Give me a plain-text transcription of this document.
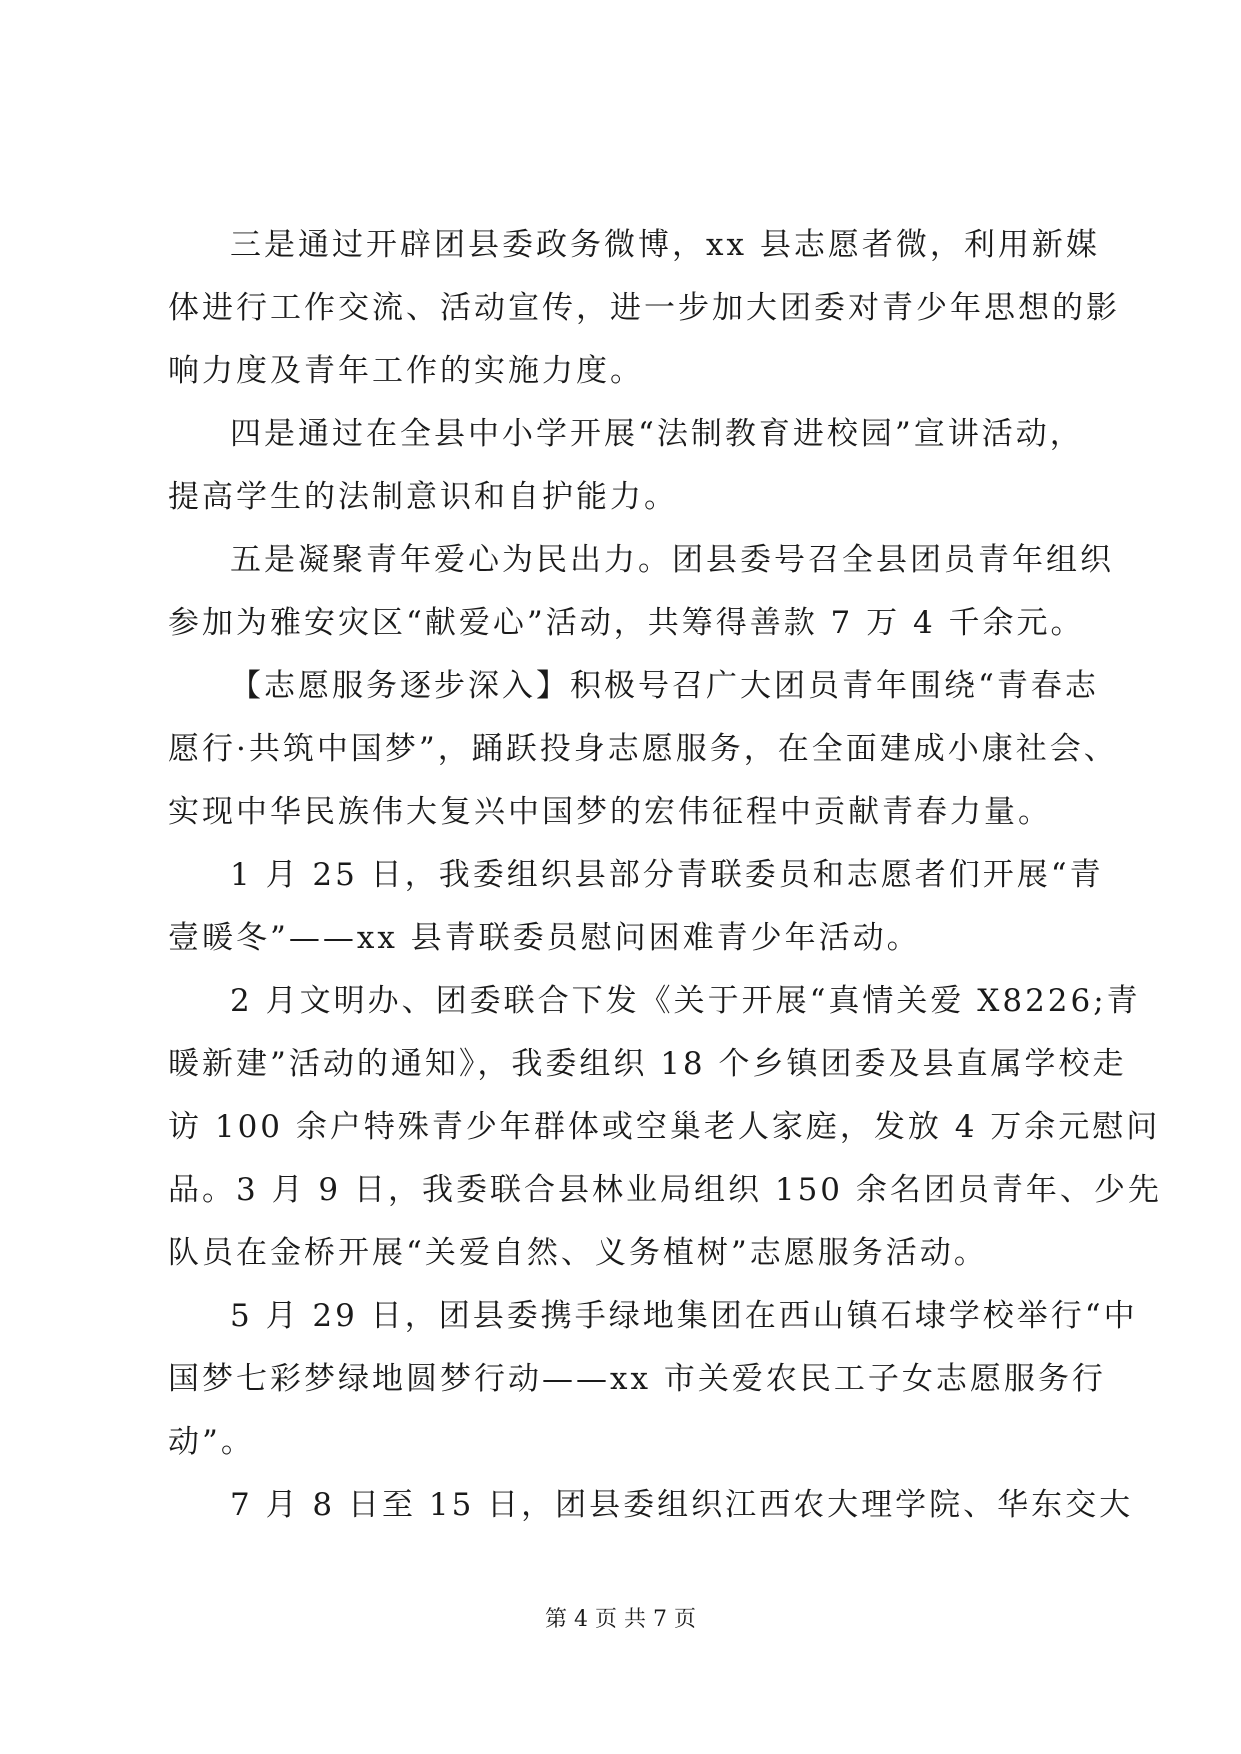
三是通过开辟团县委政务微博，xx 县志愿者微，利用新媒
体进行工作交流、活动宣传，进一步加大团委对青少年思想的影
响力度及青年工作的实施力度。
四是通过在全县中小学开展“法制教育进校园”宣讲活动，
提高学生的法制意识和自护能力。
五是凝聚青年爱心为民出力。团县委号召全县团员青年组织
参加为雅安灾区“献爱心”活动，共筹得善款 7 万 4 千余元。
【志愿服务逐步深入】积极号召广大团员青年围绕“青春志
愿行·共筑中国梦”，踊跃投身志愿服务，在全面建成小康社会、
实现中华民族伟大复兴中国梦的宏伟征程中贡献青春力量。
1 月 25 日，我委组织县部分青联委员和志愿者们开展“青
壹暖冬”——xx 县青联委员慰问困难青少年活动。
2 月文明办、团委联合下发《关于开展“真情关爱 X8226;青
暖新建”活动的通知》，我委组织 18 个乡镇团委及县直属学校走
访 100 余户特殊青少年群体或空巢老人家庭，发放 4 万余元慰问
品。3 月 9 日，我委联合县林业局组织 150 余名团员青年、少先
队员在金桥开展“关爱自然、义务植树”志愿服务活动。
5 月 29 日，团县委携手绿地集团在西山镇石埭学校举行“中
国梦七彩梦绿地圆梦行动——xx 市关爱农民工子女志愿服务行
动”。
7 月 8 日至 15 日，团县委组织江西农大理学院、华东交大
第 4 页 共 7 页
